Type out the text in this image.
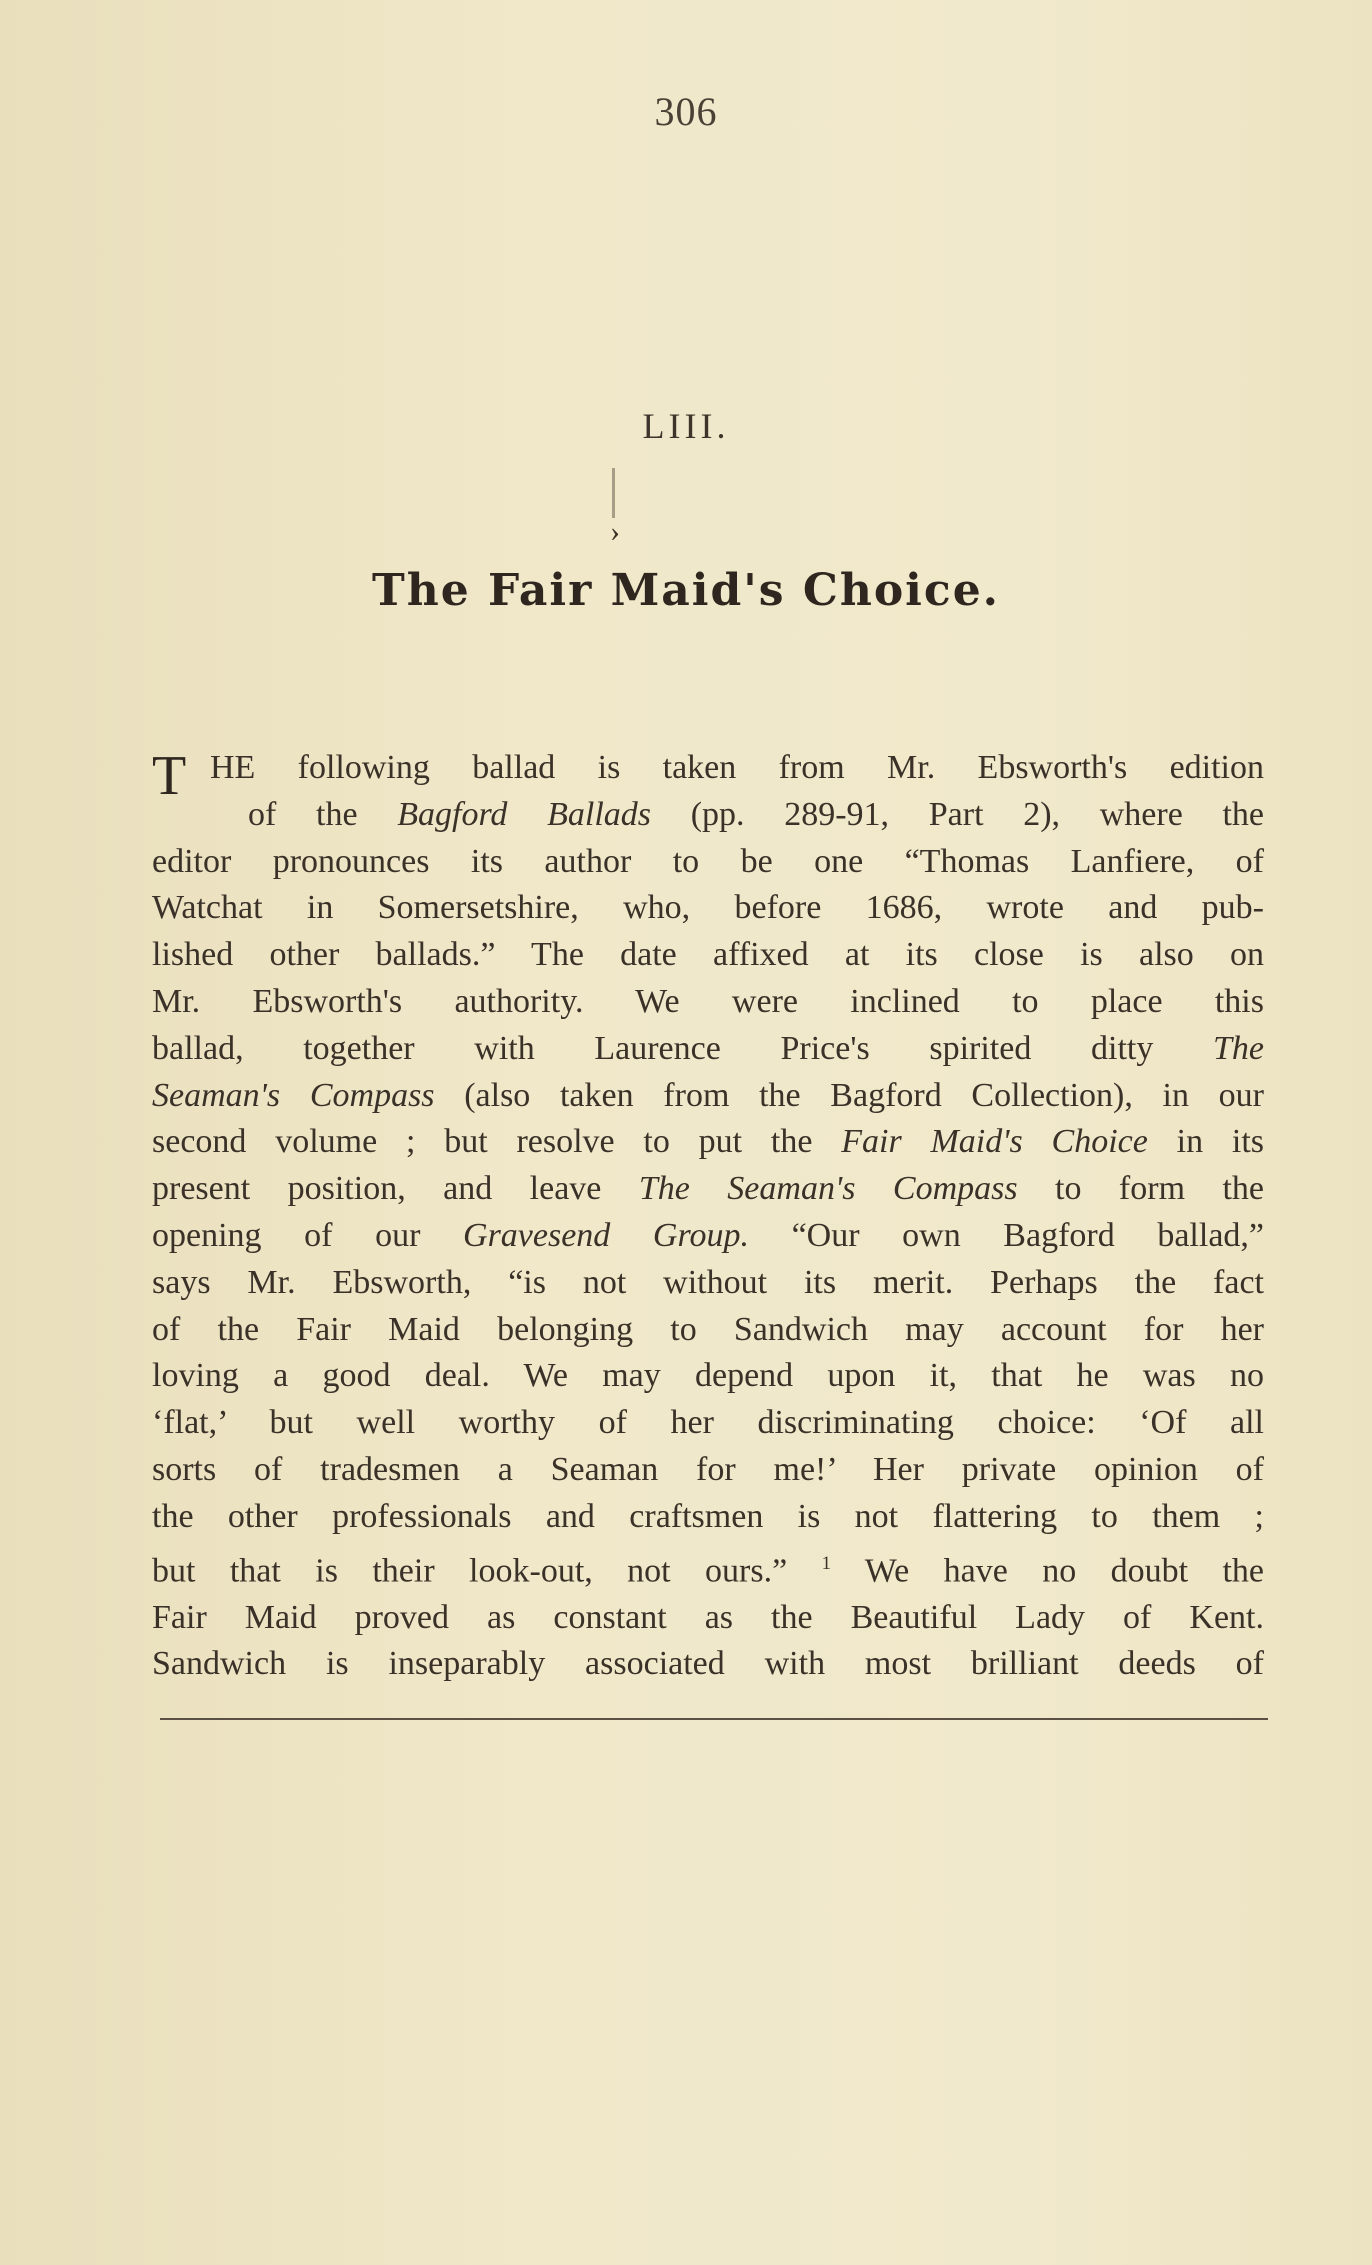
306
LIII.
›
The Fair Maid's Choice.
T HE following ballad is taken from Mr. Ebsworth's edition
of the Bagford Ballads (pp. 289-91, Part 2), where the
editor pronounces its author to be one “Thomas Lanfiere, of
Watchat in Somersetshire, who, before 1686, wrote and pub-
lished other ballads.” The date affixed at its close is also on
Mr. Ebsworth's authority. We were inclined to place this
ballad, together with Laurence Price's spirited ditty The
Seaman's Compass (also taken from the Bagford Collection), in our
second volume ; but resolve to put the Fair Maid's Choice in its
present position, and leave The Seaman's Compass to form the
opening of our Gravesend Group. “Our own Bagford ballad,”
says Mr. Ebsworth, “is not without its merit. Perhaps the fact
of the Fair Maid belonging to Sandwich may account for her
loving a good deal. We may depend upon it, that he was no
‘flat,’ but well worthy of her discriminating choice: ‘Of all
sorts of tradesmen a Seaman for me!’ Her private opinion of
the other professionals and craftsmen is not flattering to them ;
but that is their look-out, not ours.” $^1$ We have no doubt the
Fair Maid proved as constant as the Beautiful Lady of Kent.
Sandwich is inseparably associated with most brilliant deeds of
